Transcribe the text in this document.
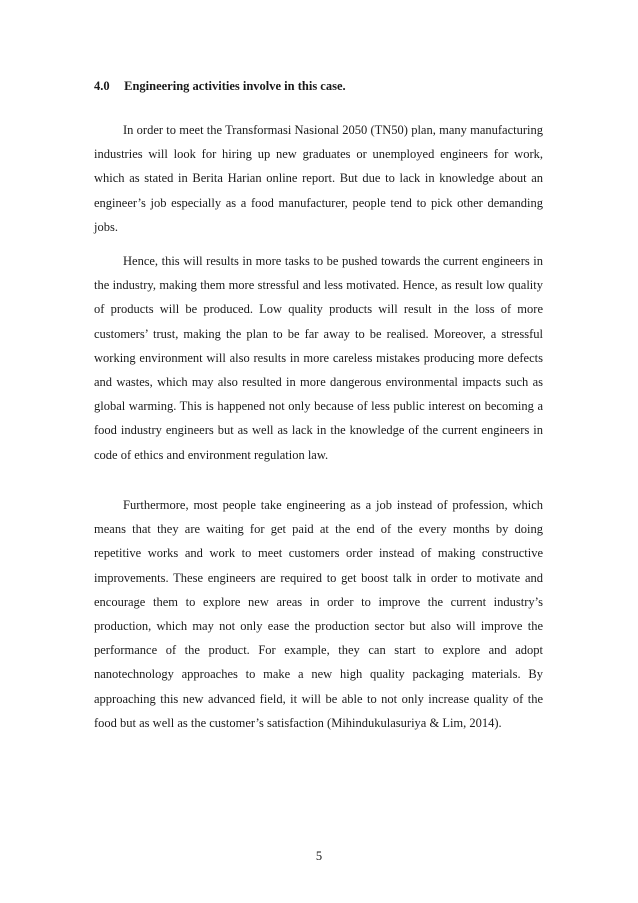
4.0 Engineering activities involve in this case.

In order to meet the Transformasi Nasional 2050 (TN50) plan, many manufacturing industries will look for hiring up new graduates or unemployed engineers for work, which as stated in Berita Harian online report. But due to lack in knowledge about an engineer’s job especially as a food manufacturer, people tend to pick other demanding jobs.

Hence, this will results in more tasks to be pushed towards the current engineers in the industry, making them more stressful and less motivated. Hence, as result low quality of products will be produced. Low quality products will result in the loss of more customers’ trust, making the plan to be far away to be realised. Moreover, a stressful working environment will also results in more careless mistakes producing more defects and wastes, which may also resulted in more dangerous environmental impacts such as global warming. This is happened not only because of less public interest on becoming a food industry engineers but as well as lack in the knowledge of the current engineers in code of ethics and environment regulation law.

Furthermore, most people take engineering as a job instead of profession, which means that they are waiting for get paid at the end of the every months by doing repetitive works and work to meet customers order instead of making constructive improvements. These engineers are required to get boost talk in order to motivate and encourage them to explore new areas in order to improve the current industry’s production, which may not only ease the production sector but also will improve the performance of the product. For example, they can start to explore and adopt nanotechnology approaches to make a new high quality packaging materials. By approaching this new advanced field, it will be able to not only increase quality of the food but as well as the customer’s satisfaction (Mihindukulasuriya & Lim, 2014).

5
